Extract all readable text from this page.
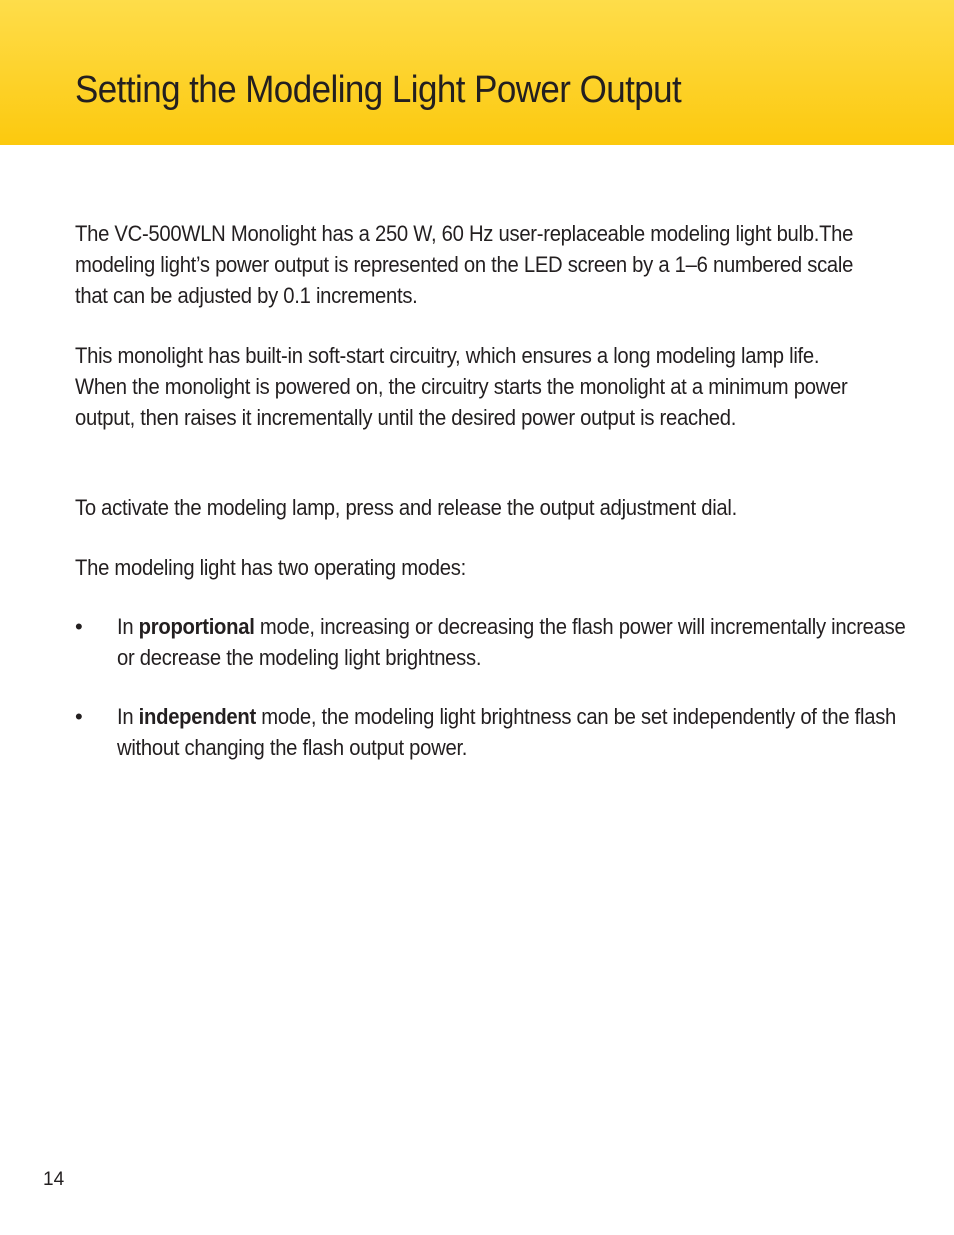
Setting the Modeling Light Power Output

The VC-500WLN Monolight has a 250 W, 60 Hz user-replaceable modeling light bulb.The modeling light’s power output is represented on the LED screen by a 1–6 numbered scale that can be adjusted by 0.1 increments.

This monolight has built-in soft-start circuitry, which ensures a long modeling lamp life. When the monolight is powered on, the circuitry starts the monolight at a minimum power output, then raises it incrementally until the desired power output is reached.

To activate the modeling lamp, press and release the output adjustment dial.

The modeling light has two operating modes:

• In proportional mode, increasing or decreasing the flash power will incrementally increase or decrease the modeling light brightness.

• In independent mode, the modeling light brightness can be set independently of the flash without changing the flash output power.

14
